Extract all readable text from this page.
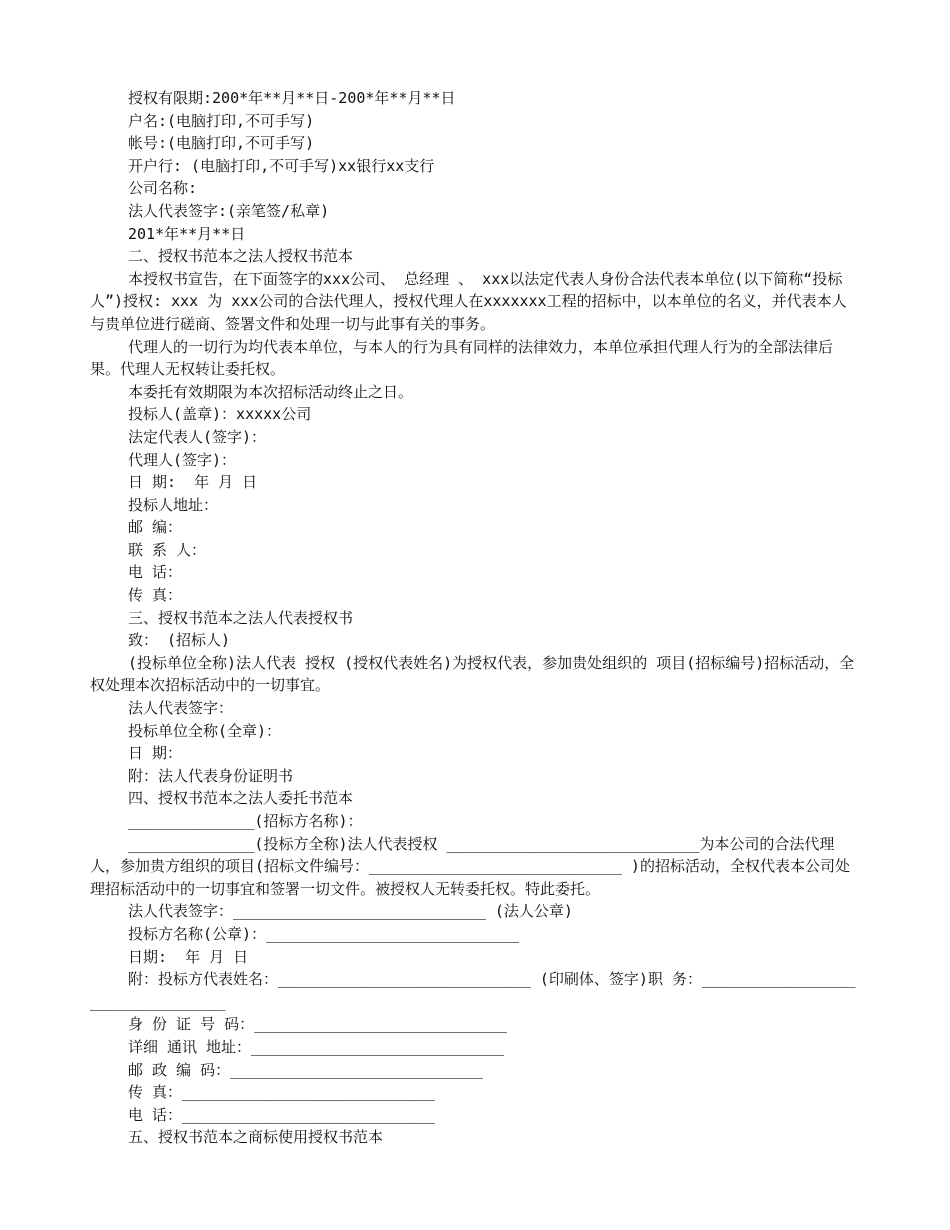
授权有限期:200*年**月**日-200*年**月**日

户名:(电脑打印,不可手写)

帐号:(电脑打印,不可手写)

开户行: (电脑打印,不可手写)xx银行xx支行

公司名称:

法人代表签字:(亲笔签/私章)

201*年**月**日

二、授权书范本之法人授权书范本

本授权书宣告，在下面签字的xxx公司、 总经理 、 xxx以法定代表人身份合法代表本单位(以下简称“投标人”)授权: xxx 为 xxx公司的合法代理人，授权代理人在xxxxxxx工程的招标中，以本单位的名义，并代表本人与贵单位进行磋商、签署文件和处理一切与此事有关的事务。

代理人的一切行为均代表本单位，与本人的行为具有同样的法律效力，本单位承担代理人行为的全部法律后果。代理人无权转让委托权。

本委托有效期限为本次招标活动终止之日。

投标人(盖章)：xxxxx公司

法定代表人(签字)：

代理人(签字)：

日 期:  年 月 日

投标人地址：

邮 编：

联 系 人：

电 话：

传 真：

三、授权书范本之法人代表授权书

致： (招标人)

(投标单位全称)法人代表 授权 (授权代表姓名)为授权代表，参加贵处组织的 项目(招标编号)招标活动，全权处理本次招标活动中的一切事宜。

法人代表签字：

投标单位全称(全章)：

日 期：

附：法人代表身份证明书

四、授权书范本之法人委托书范本

______________(招标方名称)：

______________(投标方全称)法人代表授权 ____________________________为本公司的合法代理人，参加贵方组织的项目(招标文件编号：____________________________ )的招标活动，全权代表本公司处理招标活动中的一切事宜和签署一切文件。被授权人无转委托权。特此委托。

法人代表签字：____________________________ (法人公章)

投标方名称(公章)：____________________________

日期:  年 月 日

附：投标方代表姓名：____________________________ (印刷体、签字)职 务：________________________________

身 份 证 号 码：____________________________

详细 通讯 地址：____________________________

邮 政 编 码：____________________________

传 真：____________________________

电 话：____________________________

五、授权书范本之商标使用授权书范本
